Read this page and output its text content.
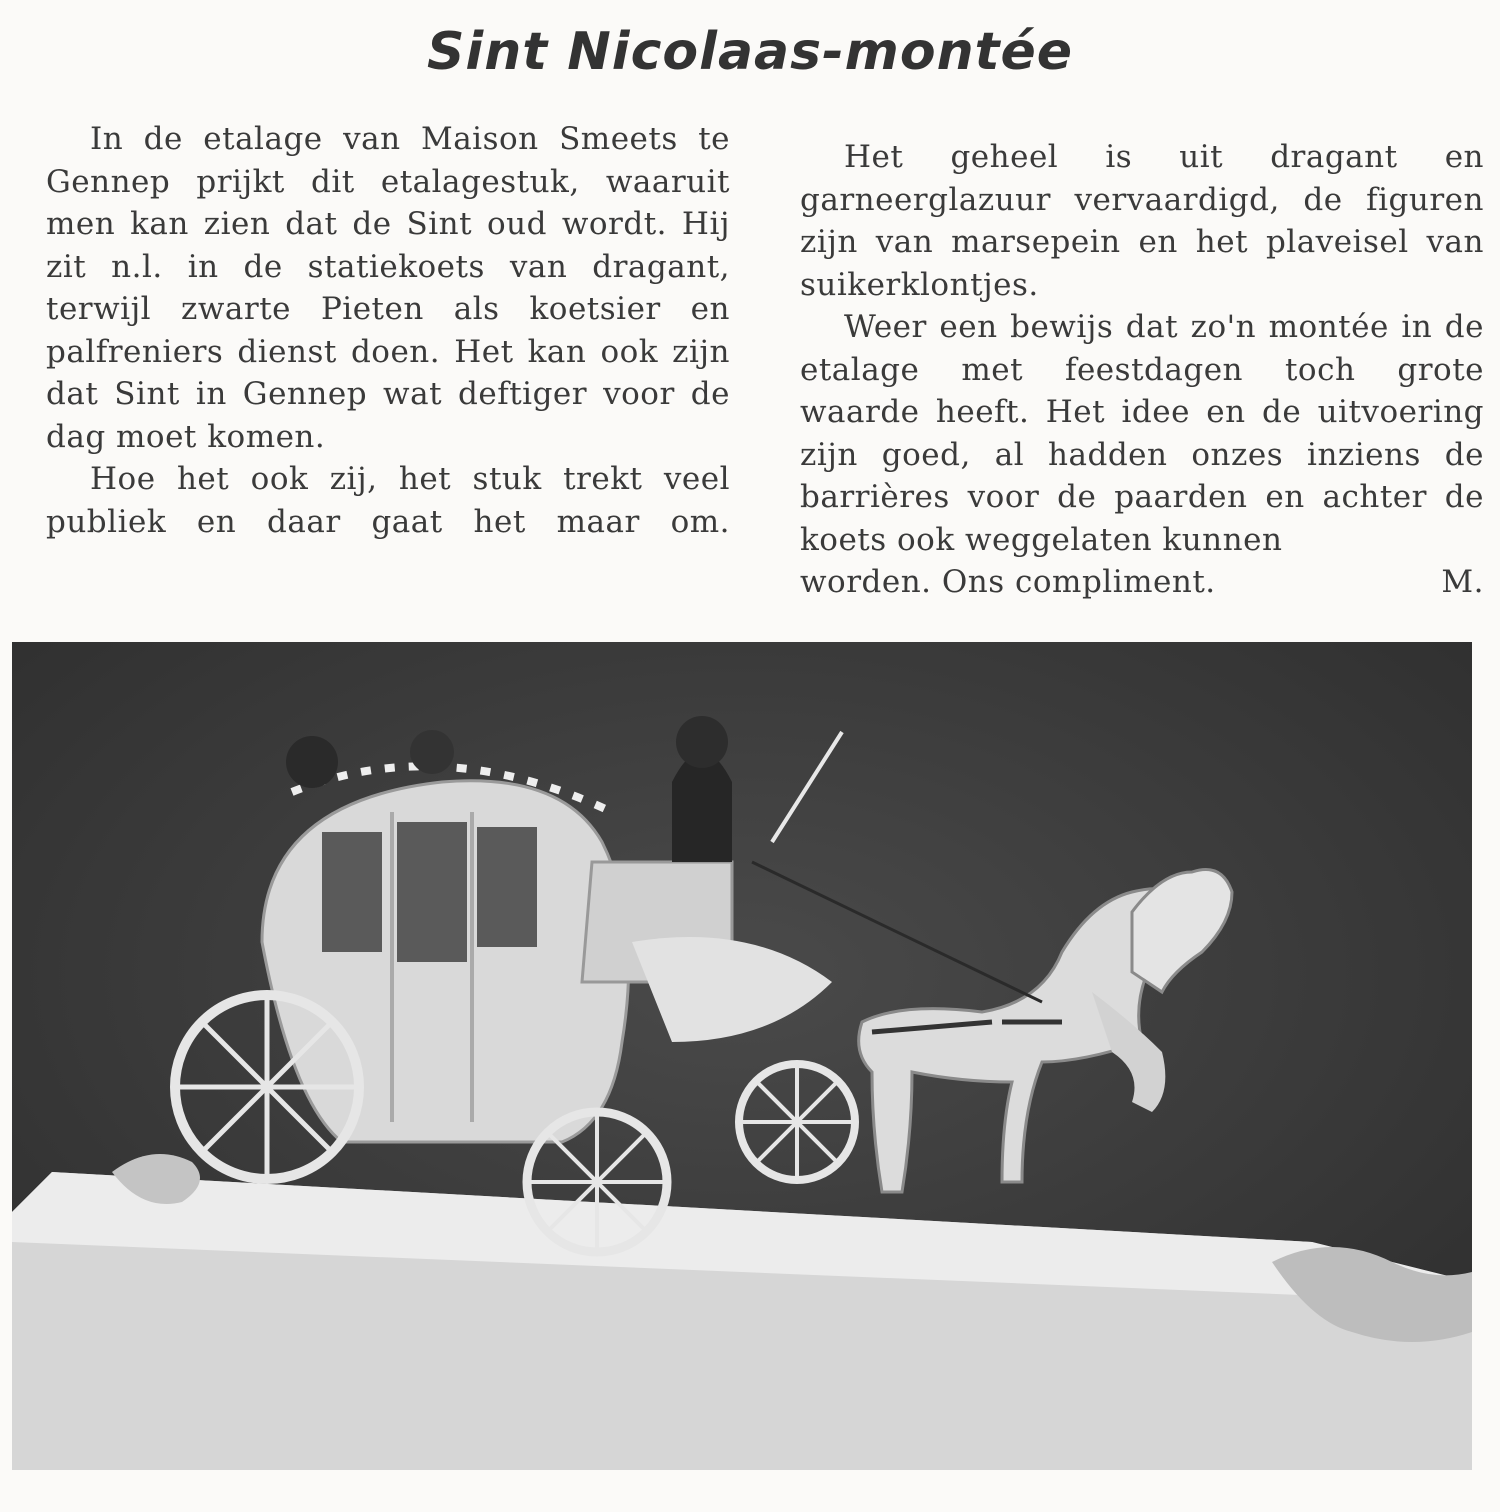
Sint Nicolaas-montée

In de etalage van Maison Smeets te Gennep prijkt dit etalagestuk, waaruit men kan zien dat de Sint oud wordt. Hij zit n.l. in de statiekoets van dragant, terwijl zwarte Pieten als koetsier en palfreniers dienst doen. Het kan ook zijn dat Sint in Gennep wat deftiger voor de dag moet komen.

Hoe het ook zij, het stuk trekt veel publiek en daar gaat het maar om.

Het geheel is uit dragant en garneerglazuur vervaardigd, de figuren zijn van marsepein en het plaveisel van suikerklontjes.

Weer een bewijs dat zo'n montée in de etalage met feestdagen toch grote waarde heeft. Het idee en de uitvoering zijn goed, al hadden onzes inziens de barrières voor de paarden en achter de koets ook weggelaten kunnen

worden. Ons compliment.	M.
